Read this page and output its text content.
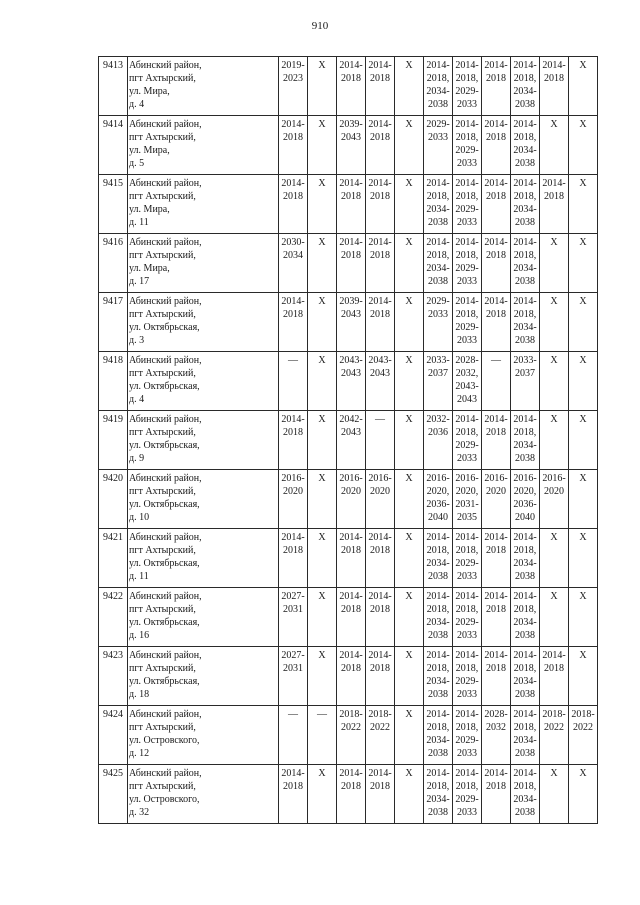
910
9413	Абинский район,
пгт Ахтырский,
ул. Мира,
д. 4	2019-
2023	Х	2014-
2018	2014-
2018	Х	2014-
2018,
2034-
2038	2014-
2018,
2029-
2033	2014-
2018	2014-
2018,
2034-
2038	2014-
2018	Х

9414	Абинский район,
пгт Ахтырский,
ул. Мира,
д. 5	2014-
2018	Х	2039-
2043	2014-
2018	Х	2029-
2033	2014-
2018,
2029-
2033	2014-
2018	2014-
2018,
2034-
2038	Х	Х

9415	Абинский район,
пгт Ахтырский,
ул. Мира,
д. 11	2014-
2018	Х	2014-
2018	2014-
2018	Х	2014-
2018,
2034-
2038	2014-
2018,
2029-
2033	2014-
2018	2014-
2018,
2034-
2038	2014-
2018	Х

9416	Абинский район,
пгт Ахтырский,
ул. Мира,
д. 17	2030-
2034	Х	2014-
2018	2014-
2018	Х	2014-
2018,
2034-
2038	2014-
2018,
2029-
2033	2014-
2018	2014-
2018,
2034-
2038	Х	Х

9417	Абинский район,
пгт Ахтырский,
ул. Октябрьская,
д. 3	2014-
2018	Х	2039-
2043	2014-
2018	Х	2029-
2033	2014-
2018,
2029-
2033	2014-
2018	2014-
2018,
2034-
2038	Х	Х

9418	Абинский район,
пгт Ахтырский,
ул. Октябрьская,
д. 4	—	Х	2043-
2043	2043-
2043	Х	2033-
2037	2028-
2032,
2043-
2043	—	2033-
2037	Х	Х

9419	Абинский район,
пгт Ахтырский,
ул. Октябрьская,
д. 9	2014-
2018	Х	2042-
2043	—	Х	2032-
2036	2014-
2018,
2029-
2033	2014-
2018	2014-
2018,
2034-
2038	Х	Х

9420	Абинский район,
пгт Ахтырский,
ул. Октябрьская,
д. 10	2016-
2020	Х	2016-
2020	2016-
2020	Х	2016-
2020,
2036-
2040	2016-
2020,
2031-
2035	2016-
2020	2016-
2020,
2036-
2040	2016-
2020	Х

9421	Абинский район,
пгт Ахтырский,
ул. Октябрьская,
д. 11	2014-
2018	Х	2014-
2018	2014-
2018	Х	2014-
2018,
2034-
2038	2014-
2018,
2029-
2033	2014-
2018	2014-
2018,
2034-
2038	Х	Х

9422	Абинский район,
пгт Ахтырский,
ул. Октябрьская,
д. 16	2027-
2031	Х	2014-
2018	2014-
2018	Х	2014-
2018,
2034-
2038	2014-
2018,
2029-
2033	2014-
2018	2014-
2018,
2034-
2038	Х	Х

9423	Абинский район,
пгт Ахтырский,
ул. Октябрьская,
д. 18	2027-
2031	Х	2014-
2018	2014-
2018	Х	2014-
2018,
2034-
2038	2014-
2018,
2029-
2033	2014-
2018	2014-
2018,
2034-
2038	2014-
2018	Х

9424	Абинский район,
пгт Ахтырский,
ул. Островского,
д. 12	—	—	2018-
2022	2018-
2022	Х	2014-
2018,
2034-
2038	2014-
2018,
2029-
2033	2028-
2032	2014-
2018,
2034-
2038	2018-
2022	2018-
2022

9425	Абинский район,
пгт Ахтырский,
ул. Островского,
д. 32	2014-
2018	Х	2014-
2018	2014-
2018	Х	2014-
2018,
2034-
2038	2014-
2018,
2029-
2033	2014-
2018	2014-
2018,
2034-
2038	Х	Х
